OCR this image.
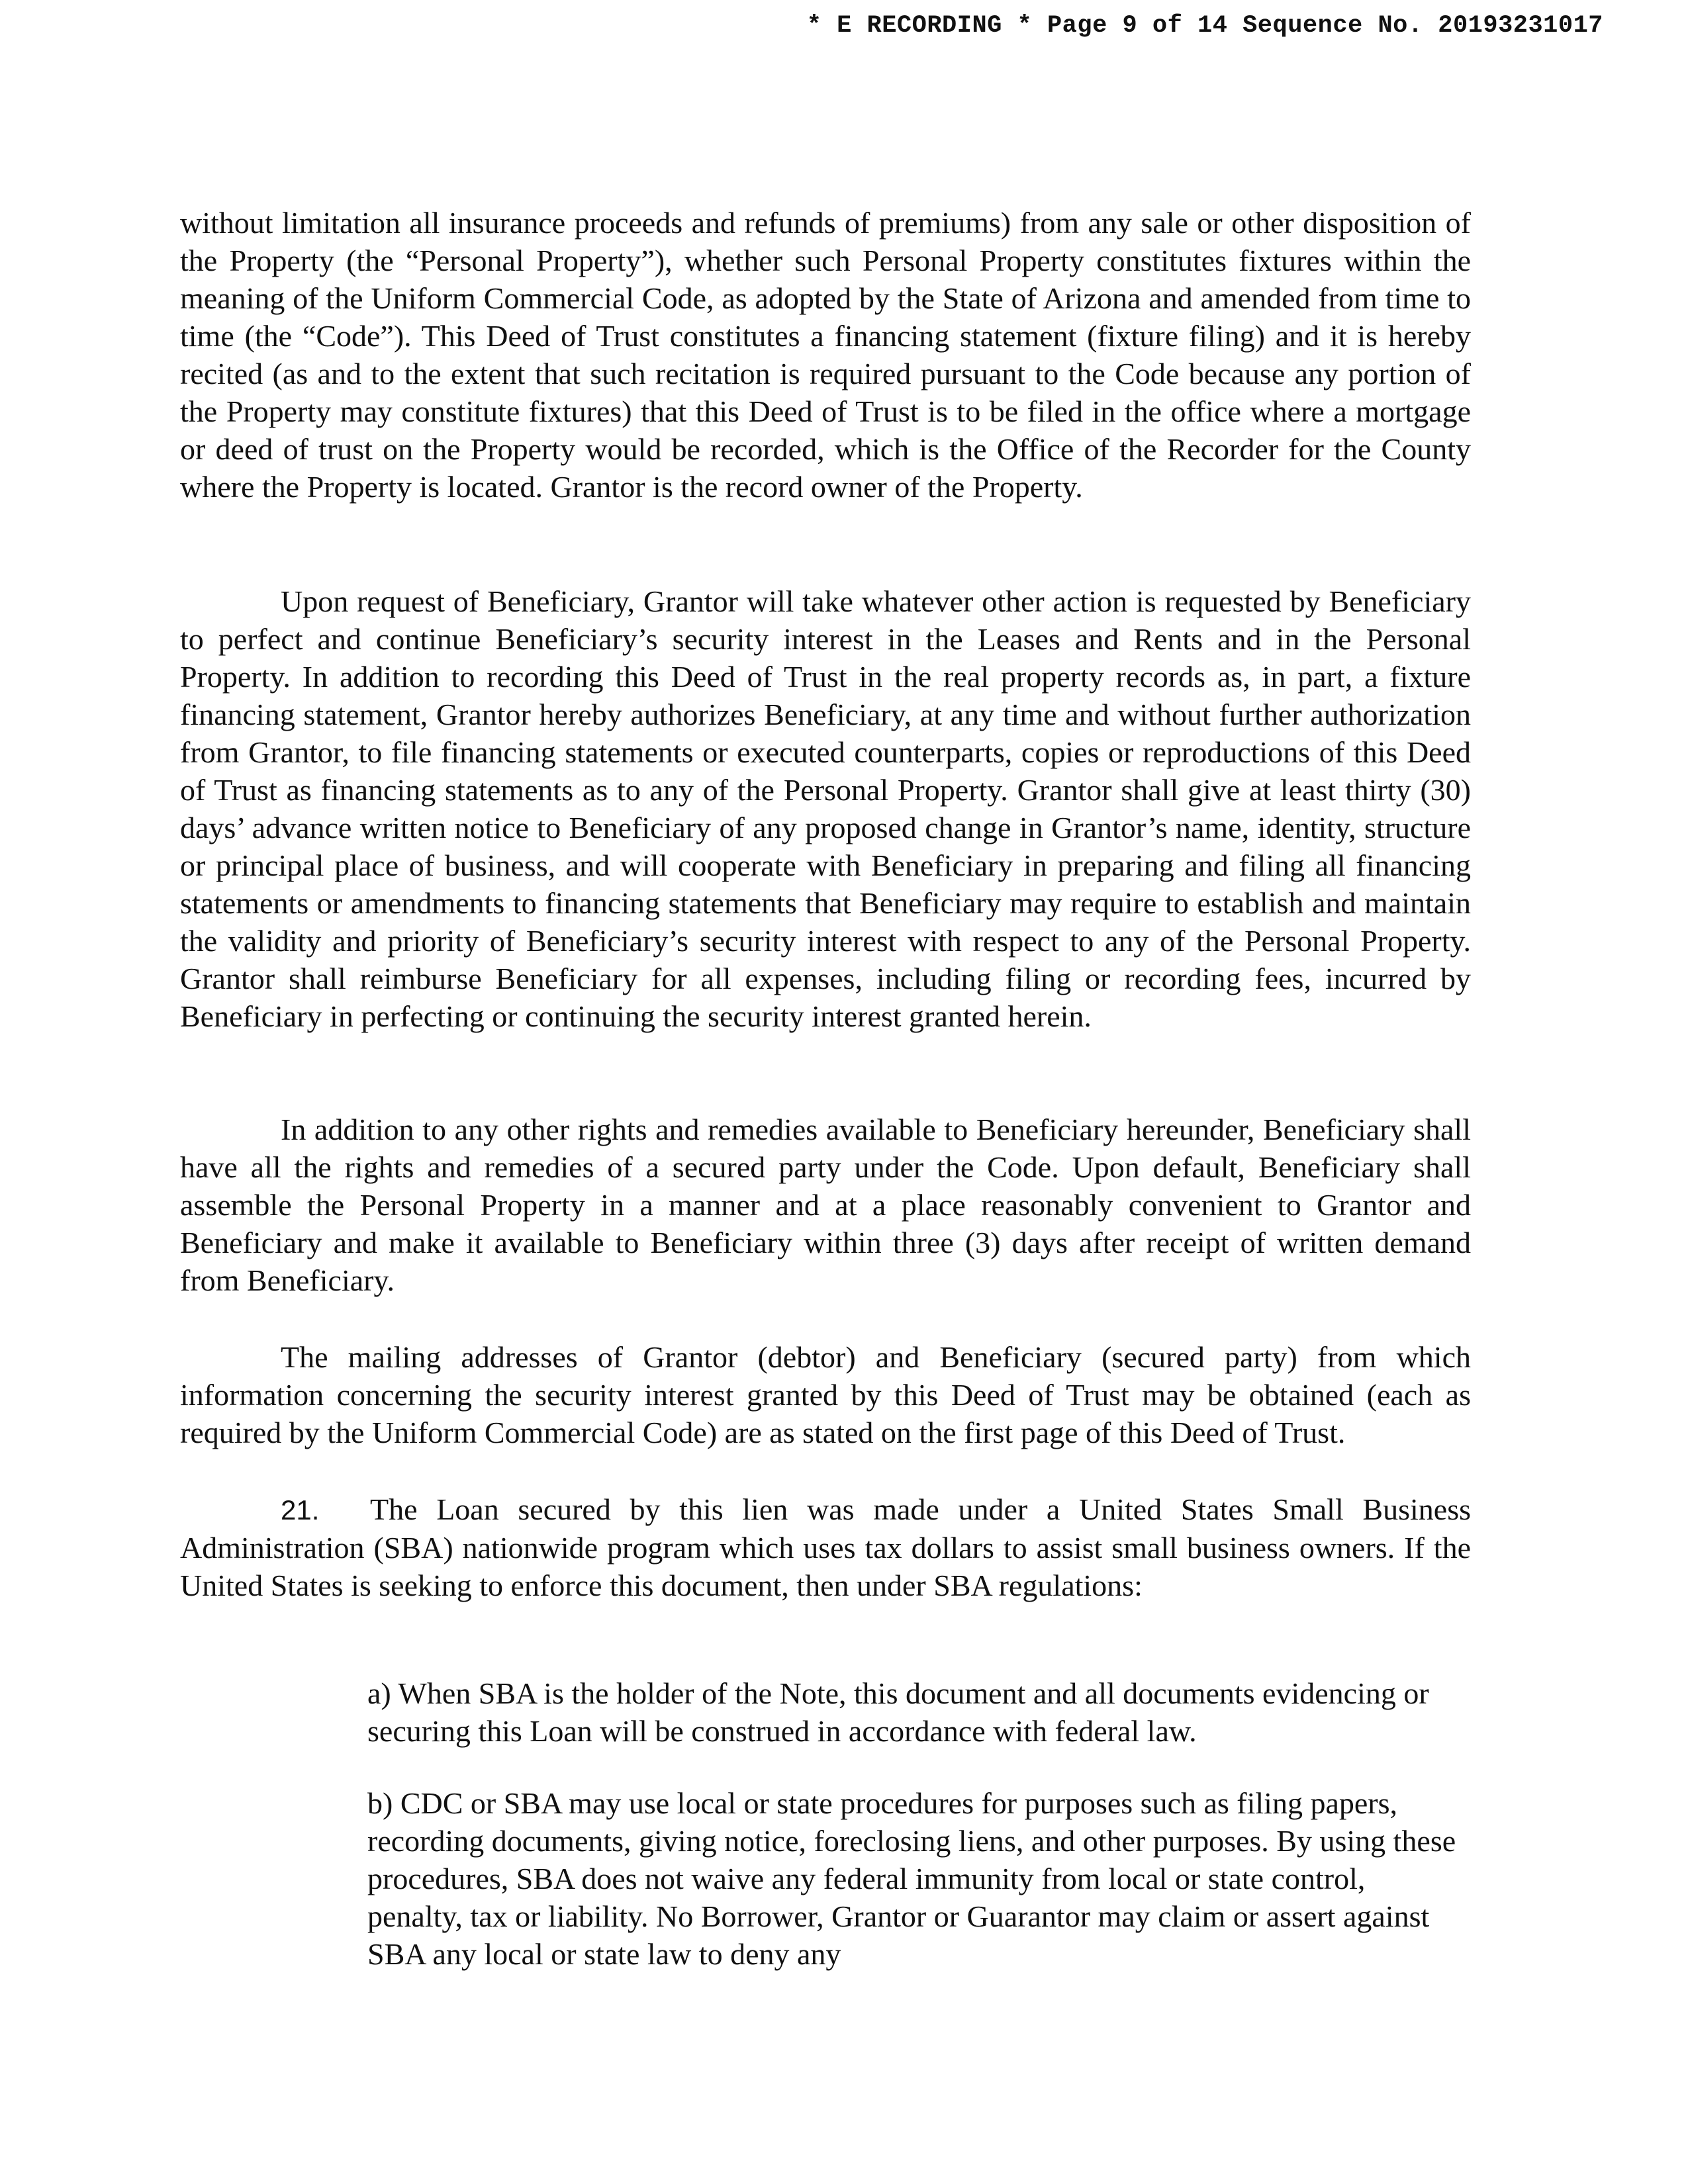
* E RECORDING * Page 9 of 14 Sequence No. 20193231017

without limitation all insurance proceeds and refunds of premiums) from any sale or other disposition of the Property (the “Personal Property”), whether such Personal Property constitutes fixtures within the meaning of the Uniform Commercial Code, as adopted by the State of Arizona and amended from time to time (the “Code”). This Deed of Trust constitutes a financing statement (fixture filing) and it is hereby recited (as and to the extent that such recitation is required pursuant to the Code because any portion of the Property may constitute fixtures) that this Deed of Trust is to be filed in the office where a mortgage or deed of trust on the Property would be recorded, which is the Office of the Recorder for the County where the Property is located. Grantor is the record owner of the Property.

Upon request of Beneficiary, Grantor will take whatever other action is requested by Beneficiary to perfect and continue Beneficiary’s security interest in the Leases and Rents and in the Personal Property. In addition to recording this Deed of Trust in the real property records as, in part, a fixture financing statement, Grantor hereby authorizes Beneficiary, at any time and without further authorization from Grantor, to file financing statements or executed counterparts, copies or reproductions of this Deed of Trust as financing statements as to any of the Personal Property. Grantor shall give at least thirty (30) days’ advance written notice to Beneficiary of any proposed change in Grantor’s name, identity, structure or principal place of business, and will cooperate with Beneficiary in preparing and filing all financing statements or amendments to financing statements that Beneficiary may require to establish and maintain the validity and priority of Beneficiary’s security interest with respect to any of the Personal Property. Grantor shall reimburse Beneficiary for all expenses, including filing or recording fees, incurred by Beneficiary in perfecting or continuing the security interest granted herein.

In addition to any other rights and remedies available to Beneficiary hereunder, Beneficiary shall have all the rights and remedies of a secured party under the Code. Upon default, Beneficiary shall assemble the Personal Property in a manner and at a place reasonably convenient to Grantor and Beneficiary and make it available to Beneficiary within three (3) days after receipt of written demand from Beneficiary.

The mailing addresses of Grantor (debtor) and Beneficiary (secured party) from which information concerning the security interest granted by this Deed of Trust may be obtained (each as required by the Uniform Commercial Code) are as stated on the first page of this Deed of Trust.

21. The Loan secured by this lien was made under a United States Small Business Administration (SBA) nationwide program which uses tax dollars to assist small business owners. If the United States is seeking to enforce this document, then under SBA regulations:

a) When SBA is the holder of the Note, this document and all documents evidencing or securing this Loan will be construed in accordance with federal law.

b) CDC or SBA may use local or state procedures for purposes such as filing papers, recording documents, giving notice, foreclosing liens, and other purposes. By using these procedures, SBA does not waive any federal immunity from local or state control, penalty, tax or liability. No Borrower, Grantor or Guarantor may claim or assert against SBA any local or state law to deny any
